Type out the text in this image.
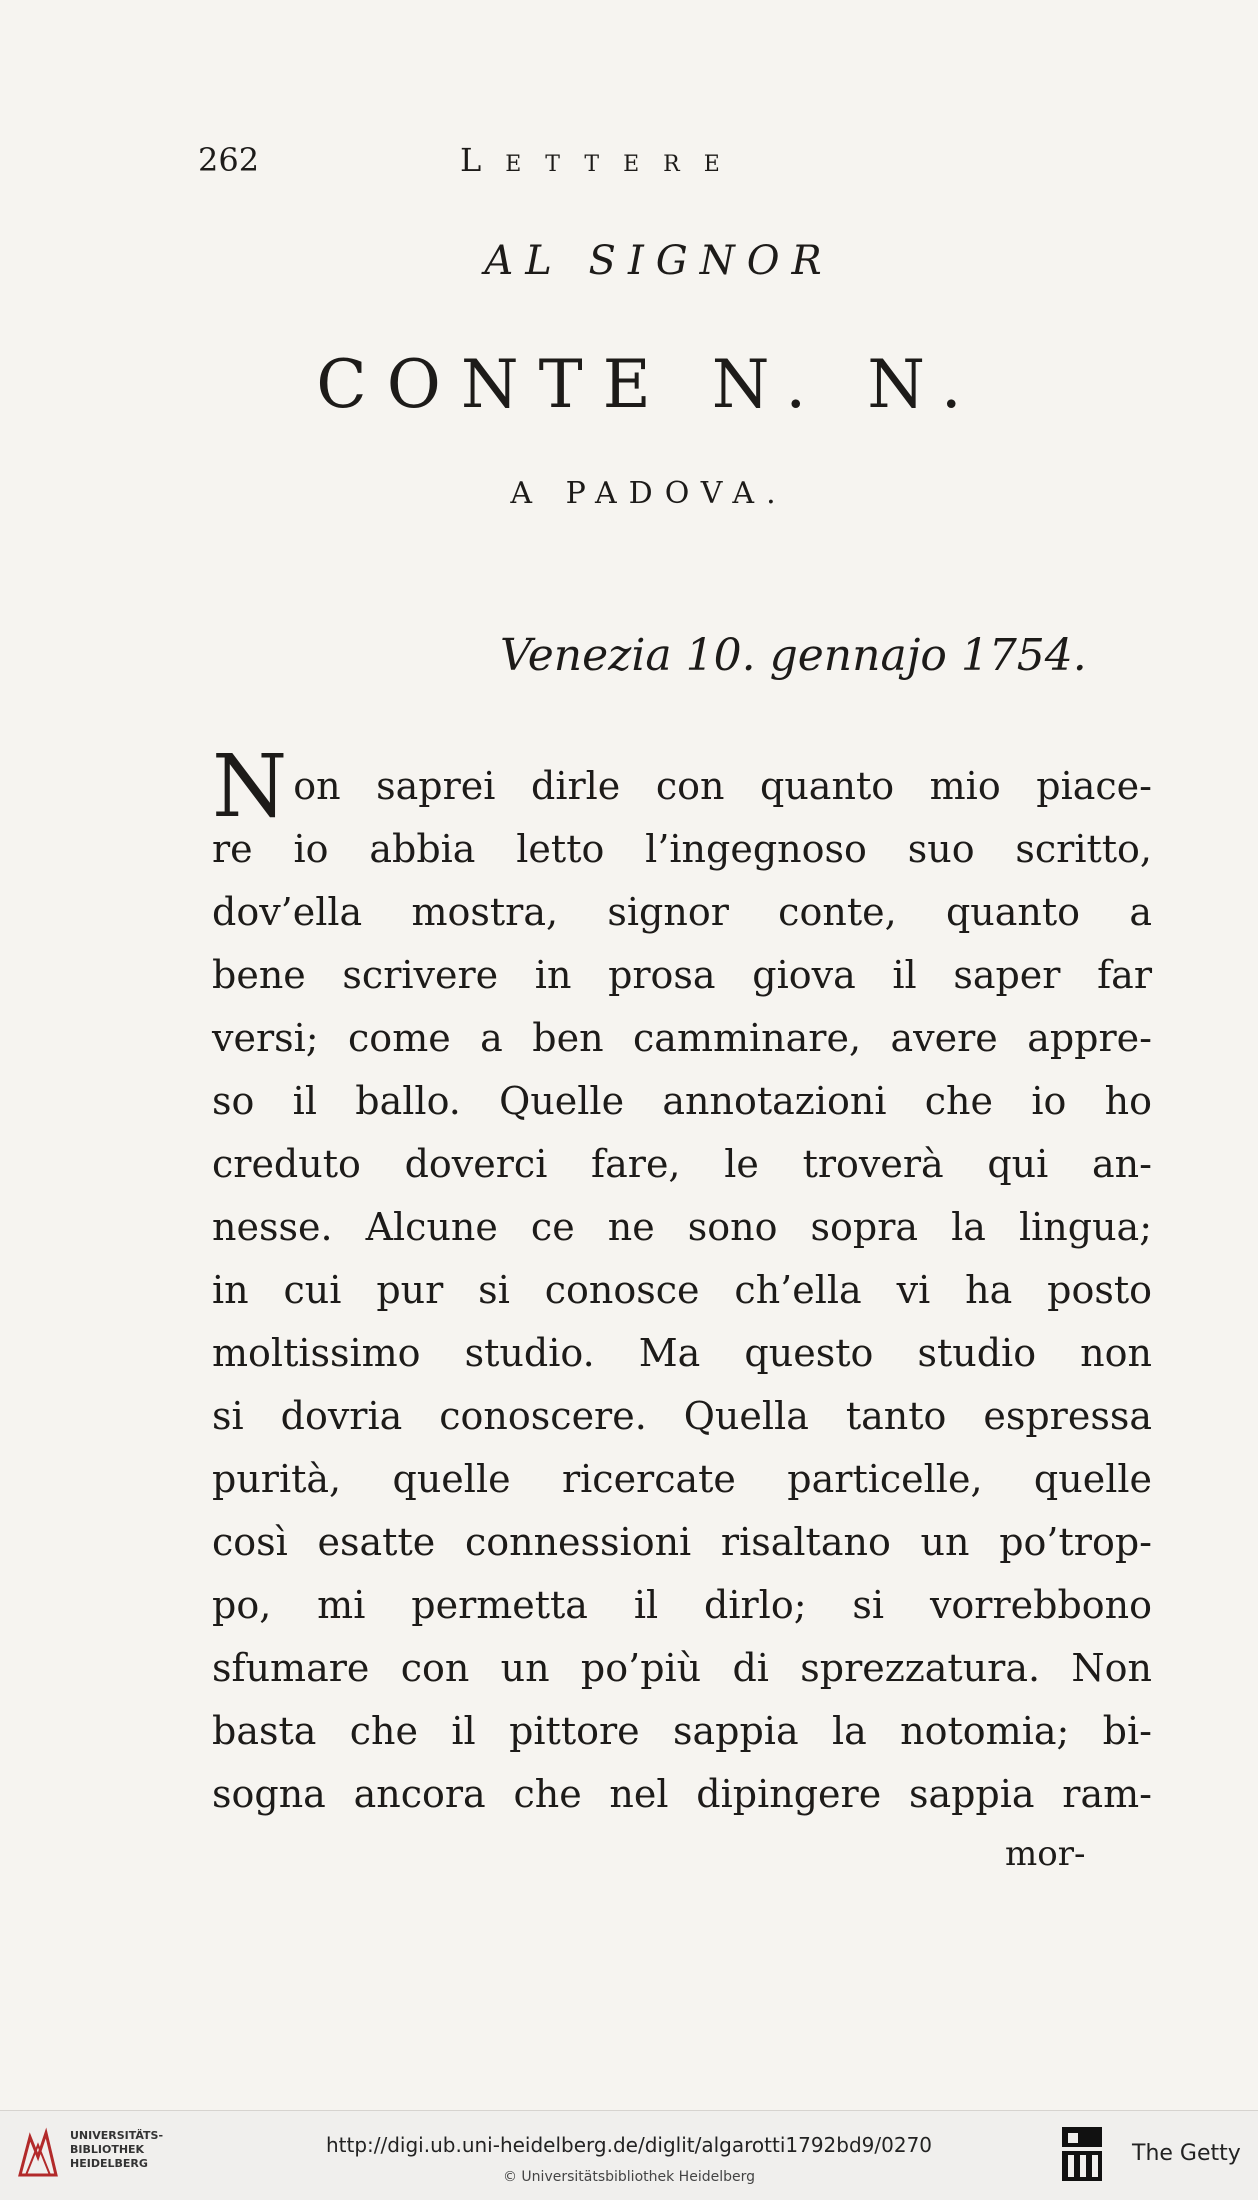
262	Lettere
AL SIGNOR
CONTE N. N.
A PADOVA.
Venezia 10. gennajo 1754.
N on saprei dirle con quanto mio piace-
re io abbia letto l’ingegnoso suo scritto,
dov’ella mostra, signor conte, quanto a
bene scrivere in prosa giova il saper far
versi; come a ben camminare, avere appre-
so il ballo. Quelle annotazioni che io ho
creduto doverci fare, le troverà qui an-
nesse. Alcune ce ne sono sopra la lingua;
in cui pur si conosce ch’ella vi ha posto
moltissimo studio. Ma questo studio non
si dovria conoscere. Quella tanto espressa
purità, quelle ricercate particelle, quelle
così esatte connessioni risaltano un po’trop-
po, mi permetta il dirlo; si vorrebbono
sfumare con un po’più di sprezzatura. Non
basta che il pittore sappia la notomia; bi-
sogna ancora che nel dipingere sappia ram-
mor-
UNIVERSITÄTS-
BIBLIOTHEK
HEIDELBERG
http://digi.ub.uni-heidelberg.de/diglit/algarotti1792bd9/0270
© Universitätsbibliothek Heidelberg
The Getty
